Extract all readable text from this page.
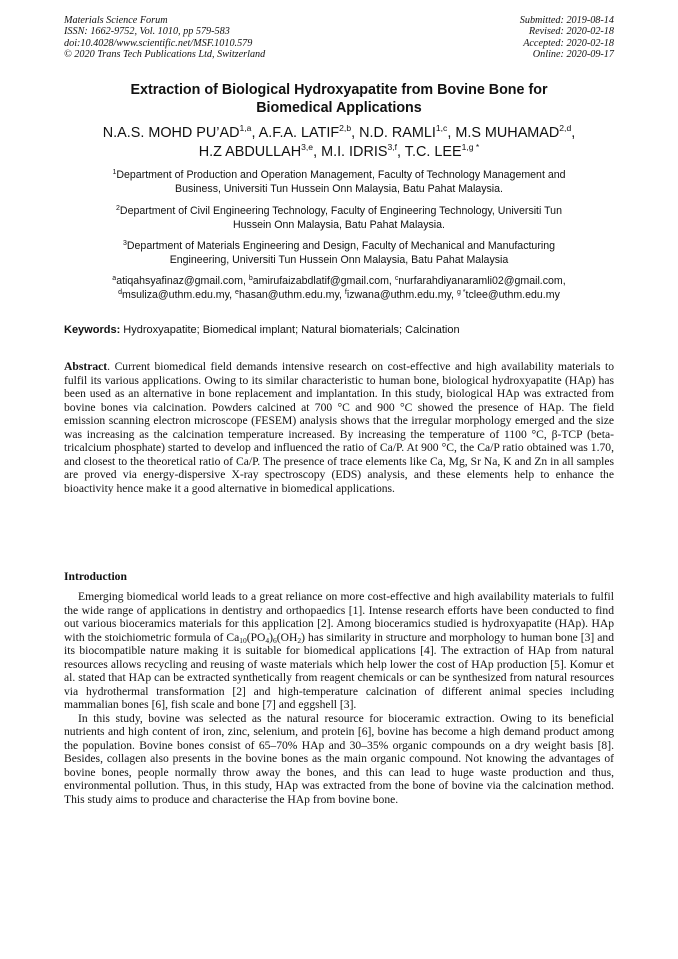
Materials Science Forum
ISSN: 1662-9752, Vol. 1010, pp 579-583
doi:10.4028/www.scientific.net/MSF.1010.579
© 2020 Trans Tech Publications Ltd, Switzerland
Submitted: 2019-08-14
Revised: 2020-02-18
Accepted: 2020-02-18
Online: 2020-09-17
Extraction of Biological Hydroxyapatite from Bovine Bone for
Biomedical Applications
N.A.S. MOHD PU’AD$^{1,a}$, A.F.A. LATIF$^{2,b}$, N.D. RAMLI$^{1,c}$, M.S MUHAMAD$^{2,d}$,
H.Z ABDULLAH$^{3,e}$, M.I. IDRIS$^{3,f}$, T.C. $LEE^{1,g *}$
$^1$Department of Production and Operation Management, Faculty of Technology Management and
Business, Universiti Tun Hussein Onn Malaysia, Batu Pahat Malaysia.
$^2$Department of Civil Engineering Technology, Faculty of Engineering Technology, Universiti Tun
Hussein Onn Malaysia, Batu Pahat Malaysia.
$^3$Department of Materials Engineering and Design, Faculty of Mechanical and Manufacturing
Engineering, Universiti Tun Hussein Onn Malaysia, Batu Pahat Malaysia
$^a$atiqahsyafinaz@gmail.com, $^b$amirufaizabdlatif@gmail.com, $^c$nurfarahdiyanaramli02@gmail.com,
$^d$msuliza@uthm.edu.my, $^e$hasan@uthm.edu.my, $^f$izwana@uthm.edu.my, $^{g *}$tclee@uthm.edu.my
Keywords: Hydroxyapatite; Biomedical implant; Natural biomaterials; Calcination
Abstract. Current biomedical field demands intensive research on cost-effective and high availability materials to fulfil its various applications. Owing to its similar characteristic to human bone, biological hydroxyapatite (HAp) has been used as an alternative in bone replacement and implantation. In this study, biological HAp was extracted from bovine bones via calcination. Powders calcined at 700 °C and 900 °C showed the presence of HAp. The field emission scanning electron microscope (FESEM) analysis shows that the irregular morphology emerged and the size was increasing as the calcination temperature increased. By increasing the temperature of 1100 °C, β-TCP (beta-tricalcium phosphate) started to develop and influenced the ratio of Ca/P. At 900 °C, the Ca/P ratio obtained was 1.70, and closest to the theoretical ratio of Ca/P. The presence of trace elements like Ca, Mg, Sr Na, K and Zn in all samples are proved via energy-dispersive X-ray spectroscopy (EDS) analysis, and these elements help to enhance the bioactivity hence make it a good alternative in biomedical applications.
Introduction

Emerging biomedical world leads to a great reliance on more cost-effective and high availability materials to fulfil the wide range of applications in dentistry and orthopaedics [1]. Intense research efforts have been conducted to find out various bioceramics materials for this application [2]. Among bioceramics studied is hydroxyapatite (HAp). HAp with the stoichiometric formula of $Ca_{10}(PO_4)_6(OH_2)$ has similarity in structure and morphology to human bone [3] and its biocompatible nature making it is suitable for biomedical applications [4]. The extraction of HAp from natural resources allows recycling and reusing of waste materials which help lower the cost of HAp production [5]. Komur et al. stated that HAp can be extracted synthetically from reagent chemicals or can be synthesized from natural resources via hydrothermal transformation [2] and high-temperature calcination of different animal species including mammalian bones [6], fish scale and bone [7] and eggshell [3].

In this study, bovine was selected as the natural resource for bioceramic extraction. Owing to its beneficial nutrients and high content of iron, zinc, selenium, and protein [6], bovine has become a high demand product among the population. Bovine bones consist of 65–70% HAp and 30–35% organic compounds on a dry weight basis [8]. Besides, collagen also presents in the bovine bones as the main organic compound. Not knowing the advantages of bovine bones, people normally throw away the bones, and this can lead to huge waste production and thus, environmental pollution. Thus, in this study, HAp was extracted from the bone of bovine via the calcination method. This study aims to produce and characterise the HAp from bovine bone.
